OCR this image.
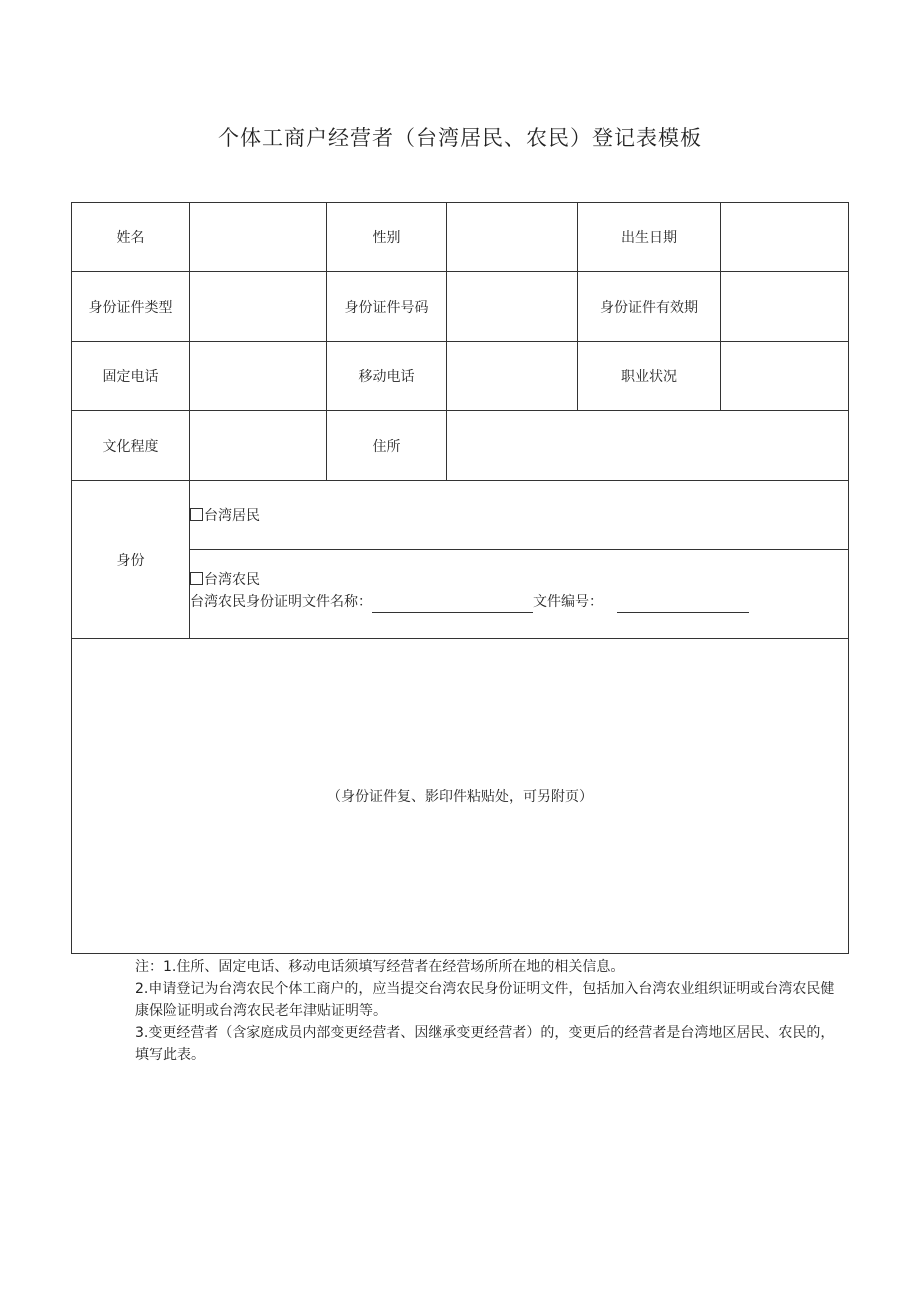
个体工商户经营者（台湾居民、农民）登记表模板
姓名		性别		出生日期	
身份证件类型		身份证件号码		身份证件有效期	
固定电话		移动电话		职业状况	
文化程度		住所			
身份	台湾居民				

	台湾农民
台湾农民身份证明文件名称： 文件编号：				

（身份证件复、影印件粘贴处，可另附页）					

注：1.住所、固定电话、移动电话须填写经营者在经营场所所在地的相关信息。

2.申请登记为台湾农民个体工商户的，应当提交台湾农民身份证明文件，包括加入台湾农业组织证明或台湾农民健康保险证明或台湾农民老年津贴证明等。

3.变更经营者（含家庭成员内部变更经营者、因继承变更经营者）的，变更后的经营者是台湾地区居民、农民的，填写此表。
